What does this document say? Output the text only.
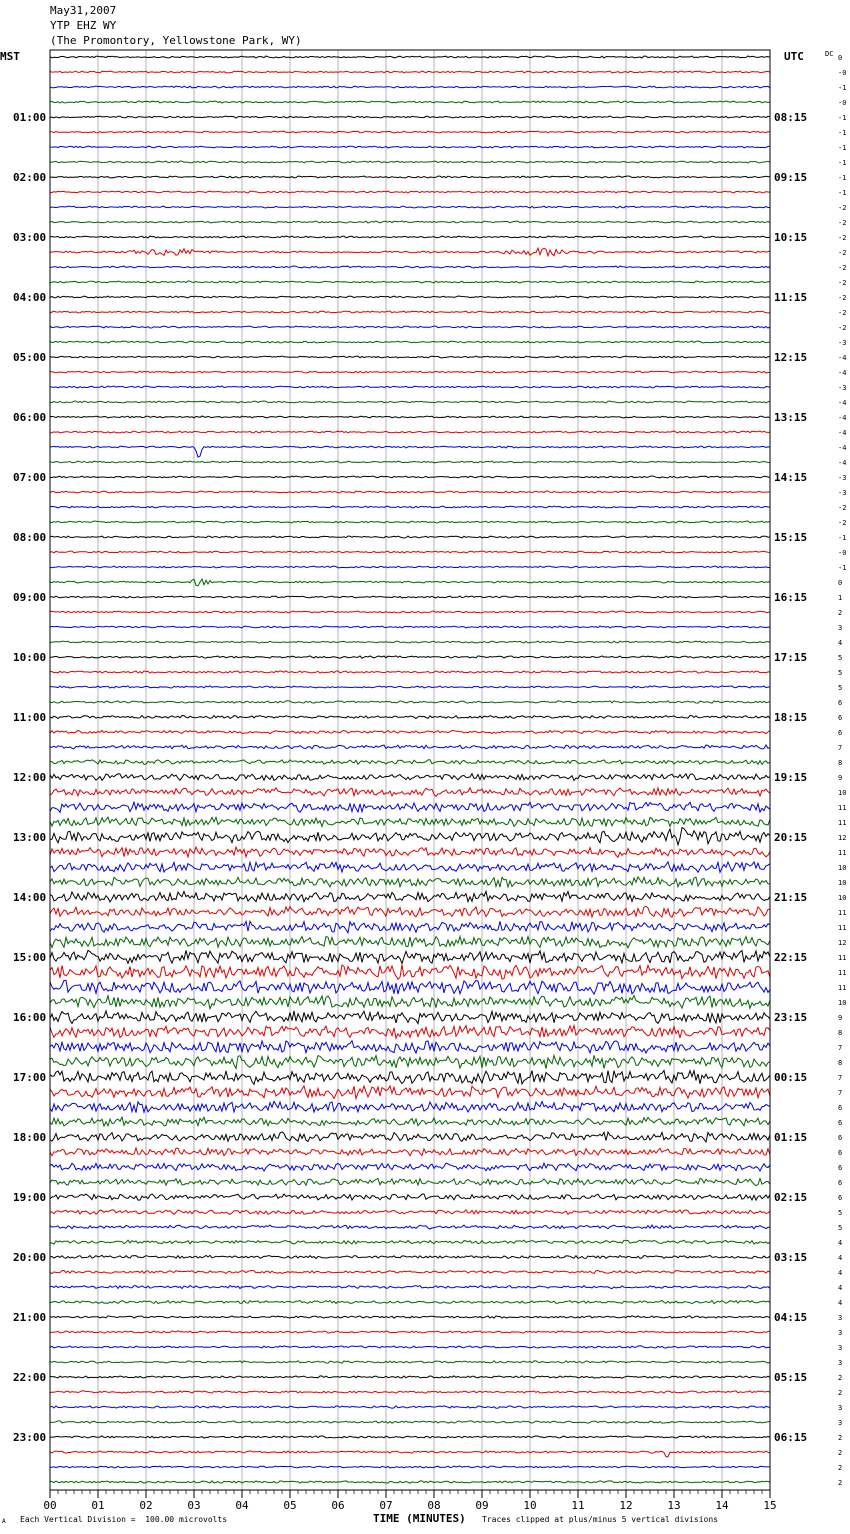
May31,2007
YTP EHZ WY
(The Promontory, Yellowstone Park, WY)
00	01	02	03	04	05	06	07	08	09	10	11	12	13	14	15
0
-0
-1
-0
-1
01:00	08:15
-1
-1
-1
-1
02:00	09:15
-1
-2
-2
-2
03:00	10:15
-2
-2
-2
-2
04:00	11:15
-2
-2
-3
-4
05:00	12:15
-4
-3
-4
-4
06:00	13:15
-4
-4
-4
-3
07:00	14:15
-3
-2
-2
-1
08:00	15:15
-0
-1
0
1
09:00	16:15
2
3
4
5
10:00	17:15
5
5
6
6
11:00	18:15
6
7
8
9
12:00	19:15
10
11
11
12
13:00	20:15
11
10
10
10
14:00	21:15
11
11
12
11
15:00	22:15
11
11
10
9
16:00	23:15
8
7
8
7
17:00	00:15
7
6
6
6
18:00	01:15
6
6
6
6
19:00	02:15
5
5
4
4
20:00	03:15
4
4
4
3
21:00	04:15
3
3
3
2
22:00	05:15
2
3
3
2
23:00	06:15
2
2
2
MST	UTC	DC
TIME (MINUTES)
A Each Vertical Division =  100.00 microvolts	Traces clipped at plus/minus 5 vertical divisions
